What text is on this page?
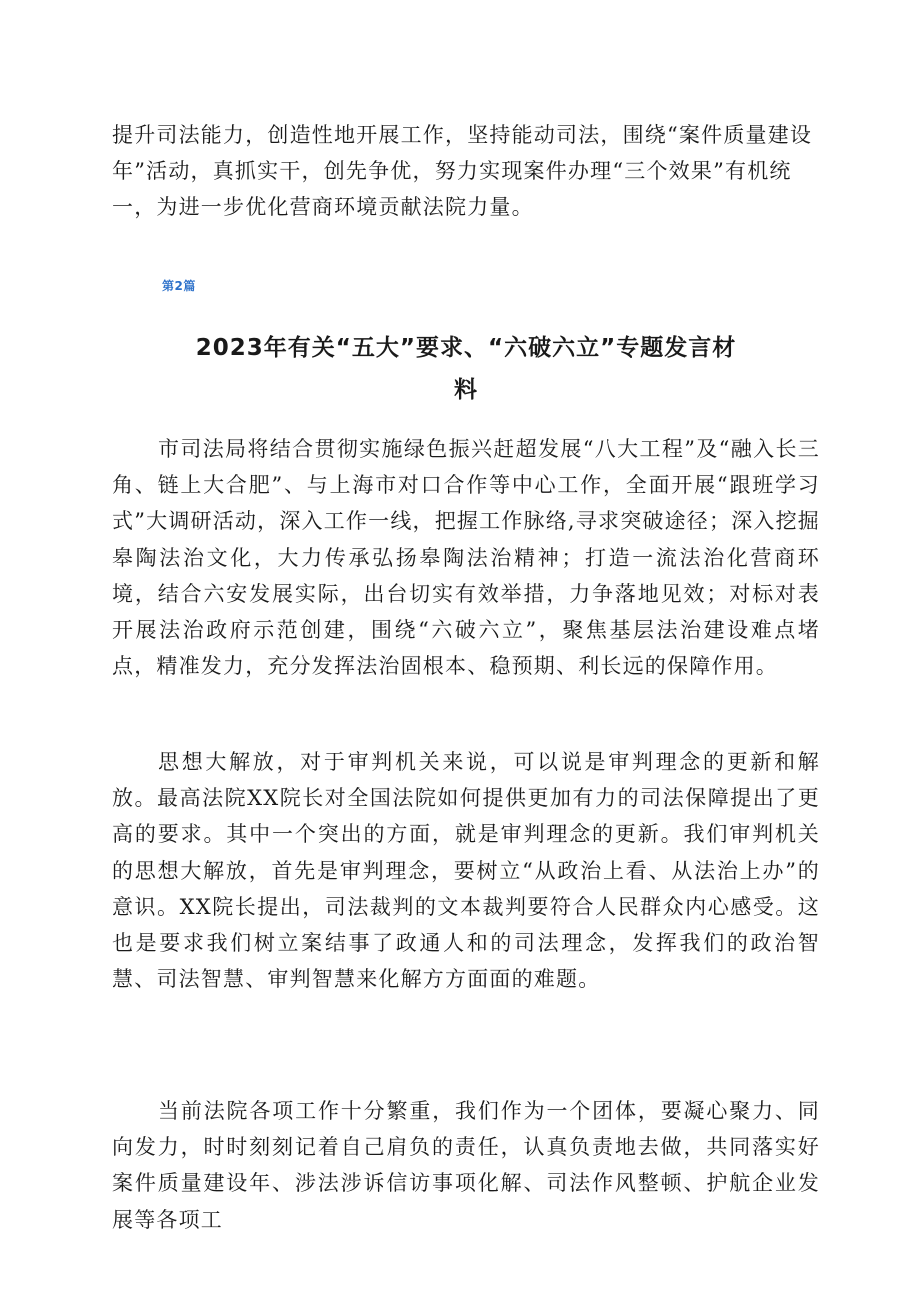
提升司法能力，创造性地开展工作，坚持能动司法，围绕“案件质量建设
年”活动，真抓实干，创先争优，努力实现案件办理“三个效果”有机统
一，为进一步优化营商环境贡献法院力量。
第2篇
2023年有关“五大”要求、“六破六立”专题发言材
料

市司法局将结合贯彻实施绿色振兴赶超发展“八大工程”及“融入长三角、链上大合肥”、与上海市对口合作等中心工作，全面开展“跟班学习式”大调研活动，深入工作一线，把握工作脉络,寻求突破途径；深入挖掘皋陶法治文化，大力传承弘扬皋陶法治精神；打造一流法治化营商环境，结合六安发展实际，出台切实有效举措，力争落地见效；对标对表开展法治政府示范创建，围绕“六破六立”，聚焦基层法治建设难点堵点，精准发力，充分发挥法治固根本、稳预期、利长远的保障作用。

思想大解放，对于审判机关来说，可以说是审判理念的更新和解放。最高法院XX院长对全国法院如何提供更加有力的司法保障提出了更高的要求。其中一个突出的方面，就是审判理念的更新。我们审判机关的思想大解放，首先是审判理念，要树立“从政治上看、从法治上办”的意识。XX院长提出，司法裁判的文本裁判要符合人民群众内心感受。这也是要求我们树立案结事了政通人和的司法理念，发挥我们的政治智慧、司法智慧、审判智慧来化解方方面面的难题。

当前法院各项工作十分繁重，我们作为一个团体，要凝心聚力、同向发力，时时刻刻记着自己肩负的责任，认真负责地去做，共同落实好案件质量建设年、涉法涉诉信访事项化解、司法作风整顿、护航企业发展等各项工
